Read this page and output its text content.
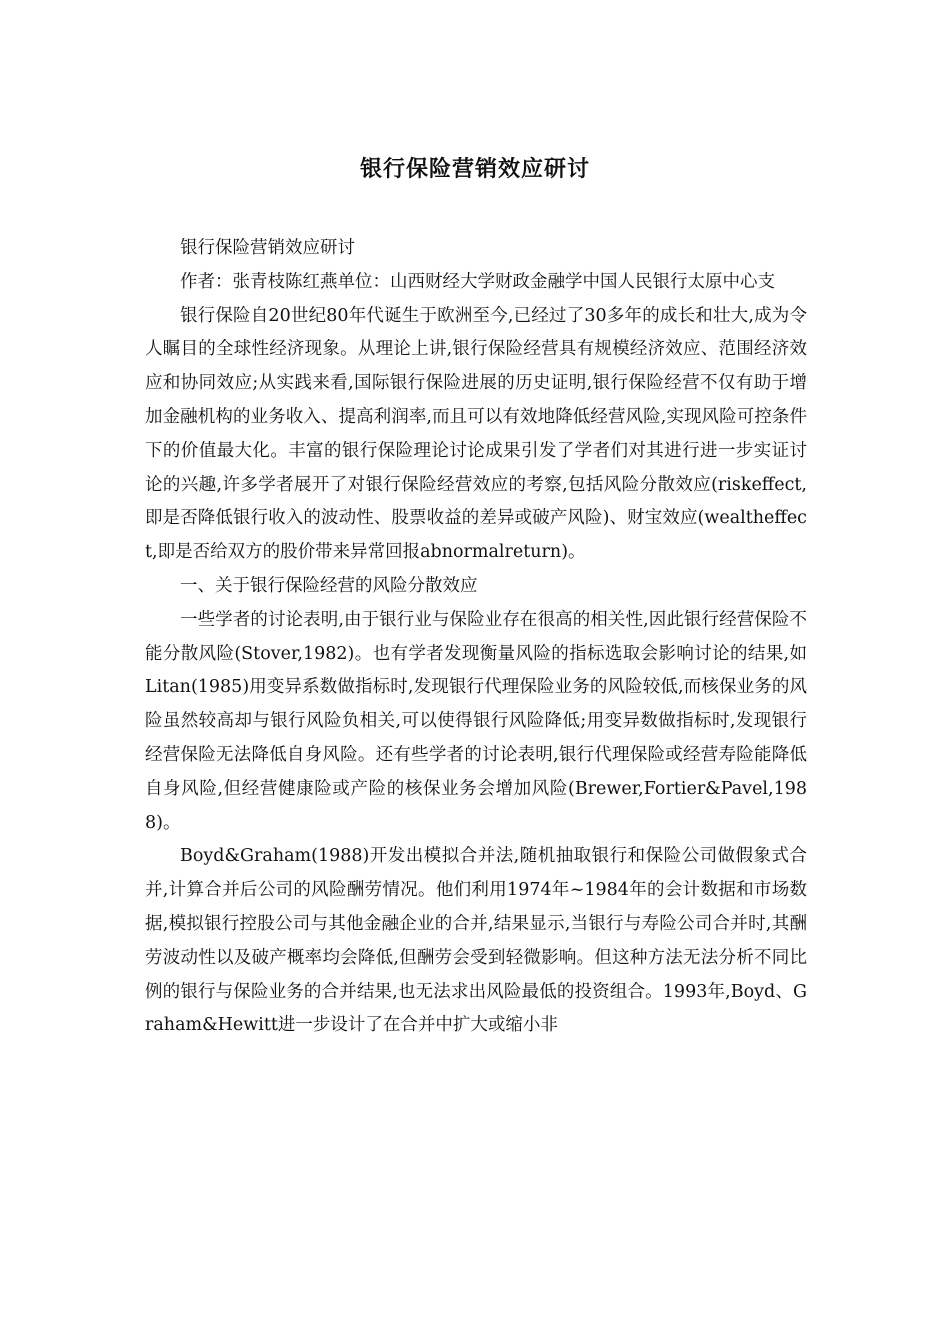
银行保险营销效应研讨

银行保险营销效应研讨

作者：张青枝陈红燕单位：山西财经大学财政金融学中国人民银行太原中心支

银行保险自20世纪80年代诞生于欧洲至今,已经过了30多年的成长和壮大,成为令人瞩目的全球性经济现象。从理论上讲,银行保险经营具有规模经济效应、范围经济效应和协同效应;从实践来看,国际银行保险进展的历史证明,银行保险经营不仅有助于增加金融机构的业务收入、提高利润率,而且可以有效地降低经营风险,实现风险可控条件下的价值最大化。丰富的银行保险理论讨论成果引发了学者们对其进行进一步实证讨论的兴趣,许多学者展开了对银行保险经营效应的考察,包括风险分散效应(riskeffect,即是否降低银行收入的波动性、股票收益的差异或破产风险)、财宝效应(wealtheffect,即是否给双方的股价带来异常回报abnormalreturn)。

一、关于银行保险经营的风险分散效应

一些学者的讨论表明,由于银行业与保险业存在很高的相关性,因此银行经营保险不能分散风险(Stover,1982)。也有学者发现衡量风险的指标选取会影响讨论的结果,如Litan(1985)用变异系数做指标时,发现银行代理保险业务的风险较低,而核保业务的风险虽然较高却与银行风险负相关,可以使得银行风险降低;用变异数做指标时,发现银行经营保险无法降低自身风险。还有些学者的讨论表明,银行代理保险或经营寿险能降低自身风险,但经营健康险或产险的核保业务会增加风险(Brewer,Fortier&Pavel,1988)。

Boyd&Graham(1988)开发出模拟合并法,随机抽取银行和保险公司做假象式合并,计算合并后公司的风险酬劳情况。他们利用1974年~1984年的会计数据和市场数据,模拟银行控股公司与其他金融企业的合并,结果显示,当银行与寿险公司合并时,其酬劳波动性以及破产概率均会降低,但酬劳会受到轻微影响。但这种方法无法分析不同比例的银行与保险业务的合并结果,也无法求出风险最低的投资组合。1993年,Boyd、Graham&Hewitt进一步设计了在合并中扩大或缩小非
